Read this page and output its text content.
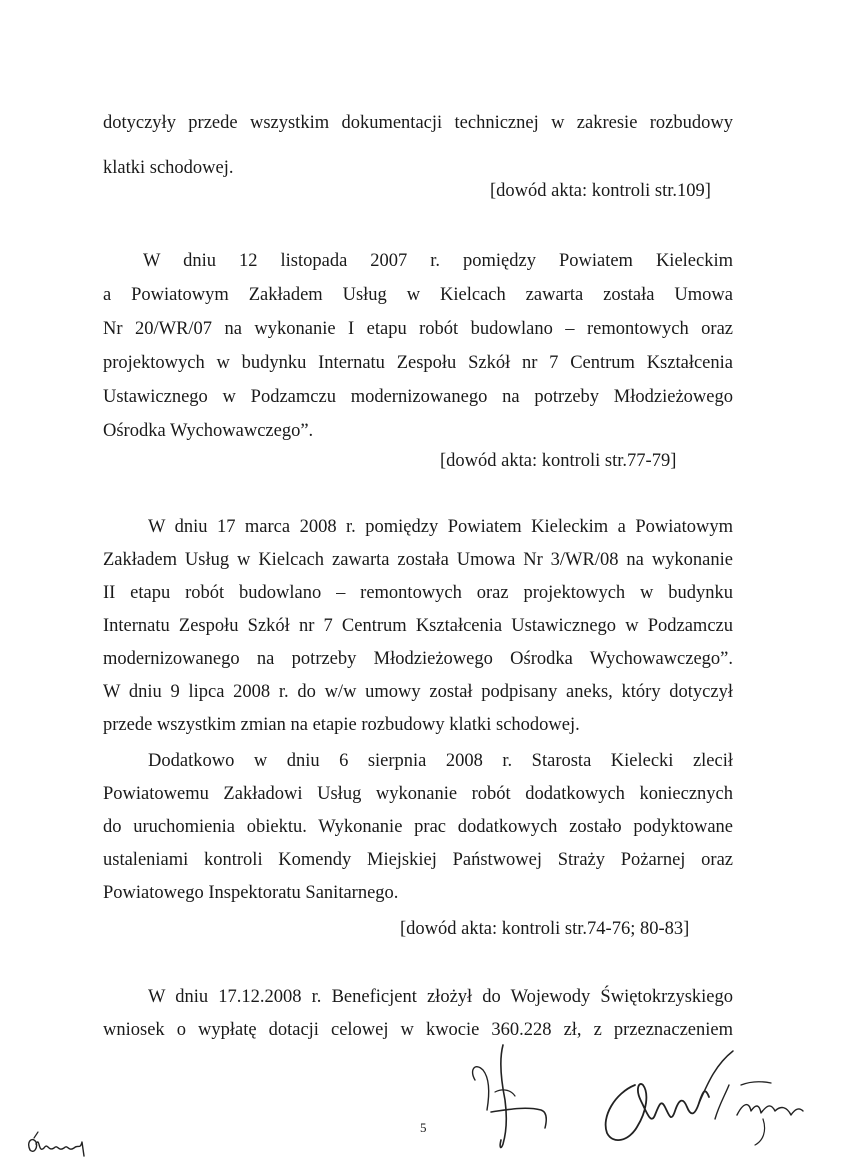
dotyczyły przede wszystkim dokumentacji technicznej w zakresie rozbudowy
klatki schodowej.
[dowód akta: kontroli str.109]
W dniu 12 listopada 2007 r. pomiędzy Powiatem Kieleckim
a Powiatowym Zakładem Usług w Kielcach zawarta została Umowa
Nr 20/WR/07 na wykonanie I etapu robót budowlano – remontowych oraz
projektowych w budynku Internatu Zespołu Szkół nr 7 Centrum Kształcenia
Ustawicznego w Podzamczu modernizowanego na potrzeby Młodzieżowego
Ośrodka Wychowawczego”.
[dowód akta: kontroli str.77-79]
W dniu 17 marca 2008 r. pomiędzy Powiatem Kieleckim a Powiatowym
Zakładem Usług w Kielcach zawarta została Umowa Nr 3/WR/08 na wykonanie
II etapu robót budowlano – remontowych oraz projektowych w budynku
Internatu Zespołu Szkół nr 7 Centrum Kształcenia Ustawicznego w Podzamczu
modernizowanego na potrzeby Młodzieżowego Ośrodka Wychowawczego”.
W dniu 9 lipca 2008 r. do w/w umowy został podpisany aneks, który dotyczył
przede wszystkim zmian na etapie rozbudowy klatki schodowej.
Dodatkowo w dniu 6 sierpnia 2008 r. Starosta Kielecki zlecił
Powiatowemu Zakładowi Usług wykonanie robót dodatkowych koniecznych
do uruchomienia obiektu. Wykonanie prac dodatkowych zostało podyktowane
ustaleniami kontroli Komendy Miejskiej Państwowej Straży Pożarnej oraz
Powiatowego Inspektoratu Sanitarnego.
[dowód akta: kontroli str.74-76; 80-83]
W dniu 17.12.2008 r. Beneficjent złożył do Wojewody Świętokrzyskiego
wniosek o wypłatę dotacji celowej w kwocie 360.228 zł, z przeznaczeniem
5
